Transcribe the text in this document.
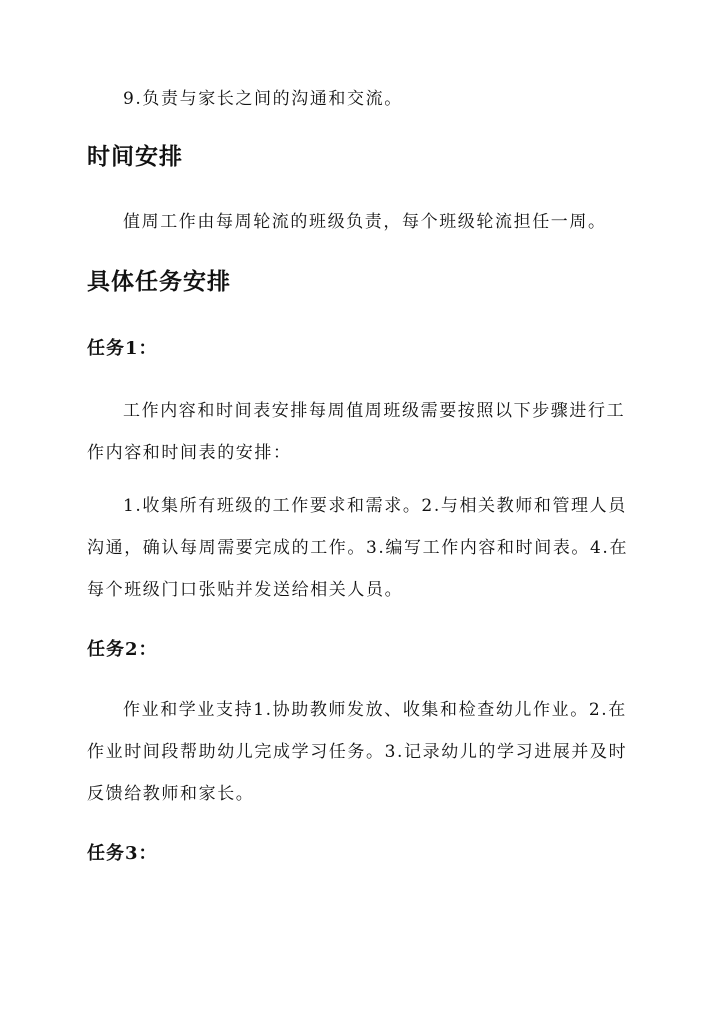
9.负责与家长之间的沟通和交流。

时间安排

值周工作由每周轮流的班级负责，每个班级轮流担任一周。

具体任务安排
任务1：

工作内容和时间表安排每周值周班级需要按照以下步骤进行工作内容和时间表的安排：

1.收集所有班级的工作要求和需求。2.与相关教师和管理人员沟通，确认每周需要完成的工作。3.编写工作内容和时间表。4.在每个班级门口张贴并发送给相关人员。

任务2：

作业和学业支持1.协助教师发放、收集和检查幼儿作业。2.在作业时间段帮助幼儿完成学习任务。3.记录幼儿的学习进展并及时反馈给教师和家长。

任务3：
